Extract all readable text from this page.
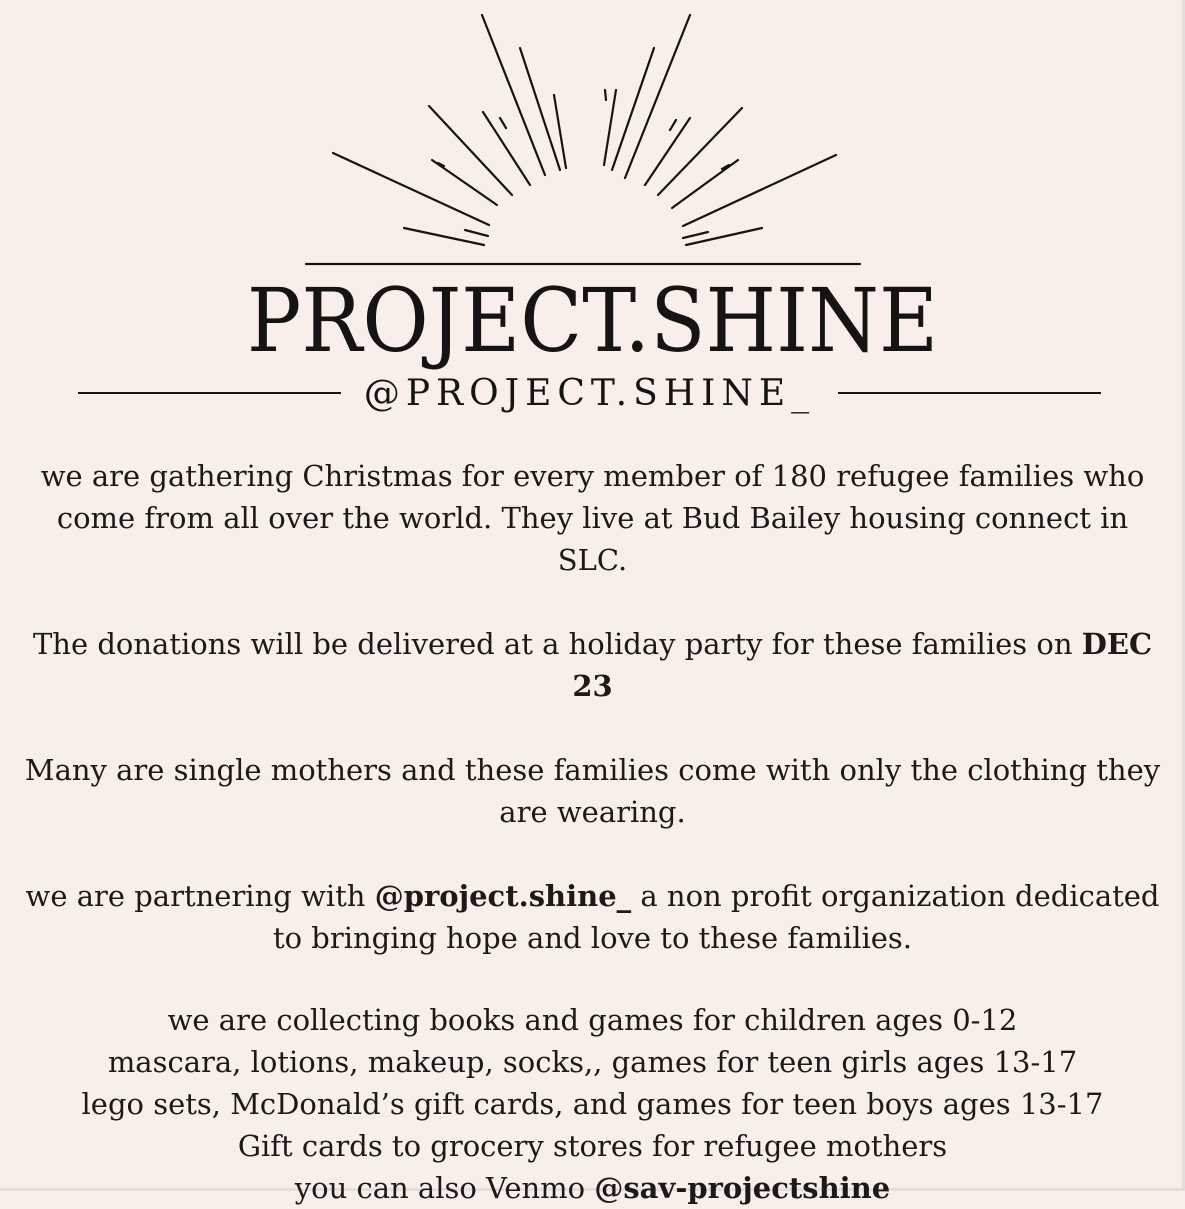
PROJECT.SHINE
@PROJECT.SHINE_

we are gathering Christmas for every member of 180 refugee families who come from all over the world. They live at Bud Bailey housing connect in SLC.

The donations will be delivered at a holiday party for these families on DEC 23

Many are single mothers and these families come with only the clothing they are wearing.

we are partnering with @project.shine_ a non profit organization dedicated to bringing hope and love to these families.

we are collecting books and games for children ages 0-12
mascara, lotions, makeup, socks,, games for teen girls ages 13-17
lego sets, McDonald’s gift cards, and games for teen boys ages 13-17
Gift cards to grocery stores for refugee mothers
you can also Venmo @sav-projectshine
